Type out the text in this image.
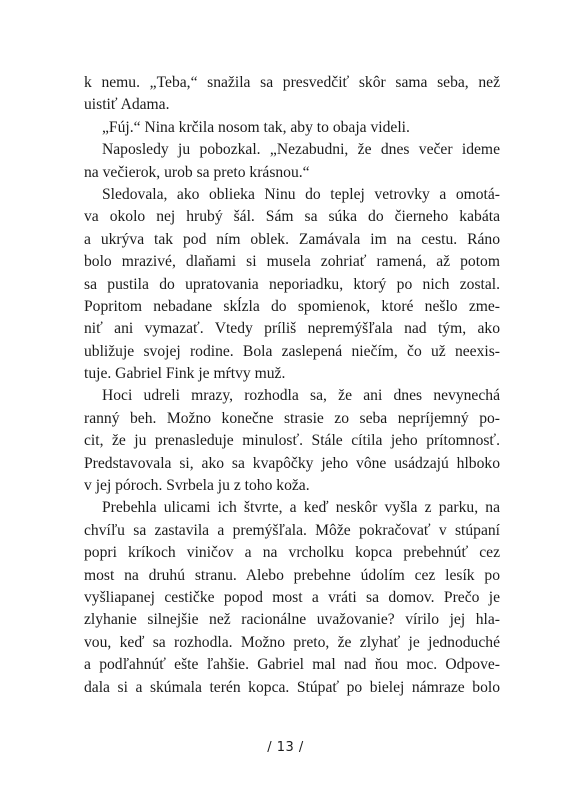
k nemu. „Teba,“ snažila sa presvedčiť skôr sama seba, než
uistiť Adama.
„Fúj.“ Nina krčila nosom tak, aby to obaja videli.
Naposledy ju pobozkal. „Nezabudni, že dnes večer ideme
na večierok, urob sa preto krásnou.“
Sledovala, ako oblieka Ninu do teplej vetrovky a omotá-
va okolo nej hrubý šál. Sám sa súka do čierneho kabáta
a ukrýva tak pod ním oblek. Zamávala im na cestu. Ráno
bolo mrazivé, dlaňami si musela zohriať ramená, až potom
sa pustila do upratovania neporiadku, ktorý po nich zostal.
Popritom nebadane skĺzla do spomienok, ktoré nešlo zme-
niť ani vymazať. Vtedy príliš nepremýšľala nad tým, ako
ubližuje svojej rodine. Bola zaslepená niečím, čo už neexis-
tuje. Gabriel Fink je mŕtvy muž.
Hoci udreli mrazy, rozhodla sa, že ani dnes nevynechá
ranný beh. Možno konečne strasie zo seba nepríjemný po-
cit, že ju prenasleduje minulosť. Stále cítila jeho prítomnosť.
Predstavovala si, ako sa kvapôčky jeho vône usádzajú hlboko
v jej póroch. Svrbela ju z toho koža.
Prebehla ulicami ich štvrte, a keď neskôr vyšla z parku, na
chvíľu sa zastavila a premýšľala. Môže pokračovať v stúpaní
popri kríkoch viničov a na vrcholku kopca prebehnúť cez
most na druhú stranu. Alebo prebehne údolím cez lesík po
vyšliapanej cestičke popod most a vráti sa domov. Prečo je
zlyhanie silnejšie než racionálne uvažovanie? vírilo jej hla-
vou, keď sa rozhodla. Možno preto, že zlyhať je jednoduché
a podľahnúť ešte ľahšie. Gabriel mal nad ňou moc. Odpove-
dala si a skúmala terén kopca. Stúpať po bielej námraze bolo
/ 13 /
